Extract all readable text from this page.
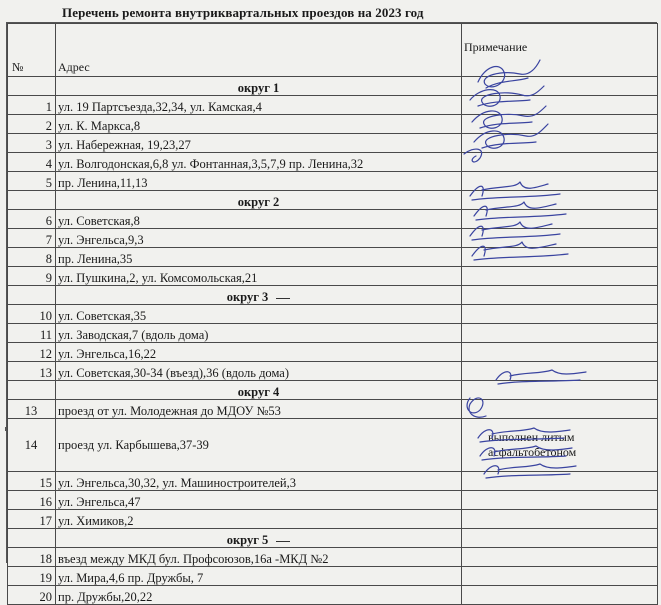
Перечень ремонта внутриквартальных проездов на 2023 год
№	Адрес	Примечание
	округ 1	
1	ул. 19 Партсъезда,32,34, ул. Камская,4	
2	ул. К. Маркса,8	
3	ул. Набережная, 19,23,27	
4	ул. Волгодонская,6,8 ул. Фонтанная,3,5,7,9 пр. Ленина,32	
5	пр. Ленина,11,13	
	округ 2	
6	ул. Советская,8	
7	ул. Энгельса,9,3	
8	пр. Ленина,35	
9	ул. Пушкина,2, ул. Комсомольская,21	
	округ 3	
10	ул. Советская,35	
11	ул. Заводская,7 (вдоль дома)	
12	ул. Энгельса,16,22	
13	ул. Советская,30-34 (въезд),36 (вдоль дома)	
	округ 4	
13	проезд от ул. Молодежная до МДОУ №53	
14	проезд ул. Карбышева,37-39	выполнен литым асфальтобетоном

15	ул. Энгельса,30,32, ул. Машиностроителей,3	
16	ул. Энгельса,47	
17	ул. Химиков,2	
	округ 5	
18	въезд между МКД бул. Профсоюзов,16а -МКД №2	
19	ул. Мира,4,6 пр. Дружбы, 7	
20	пр. Дружбы,20,22	
